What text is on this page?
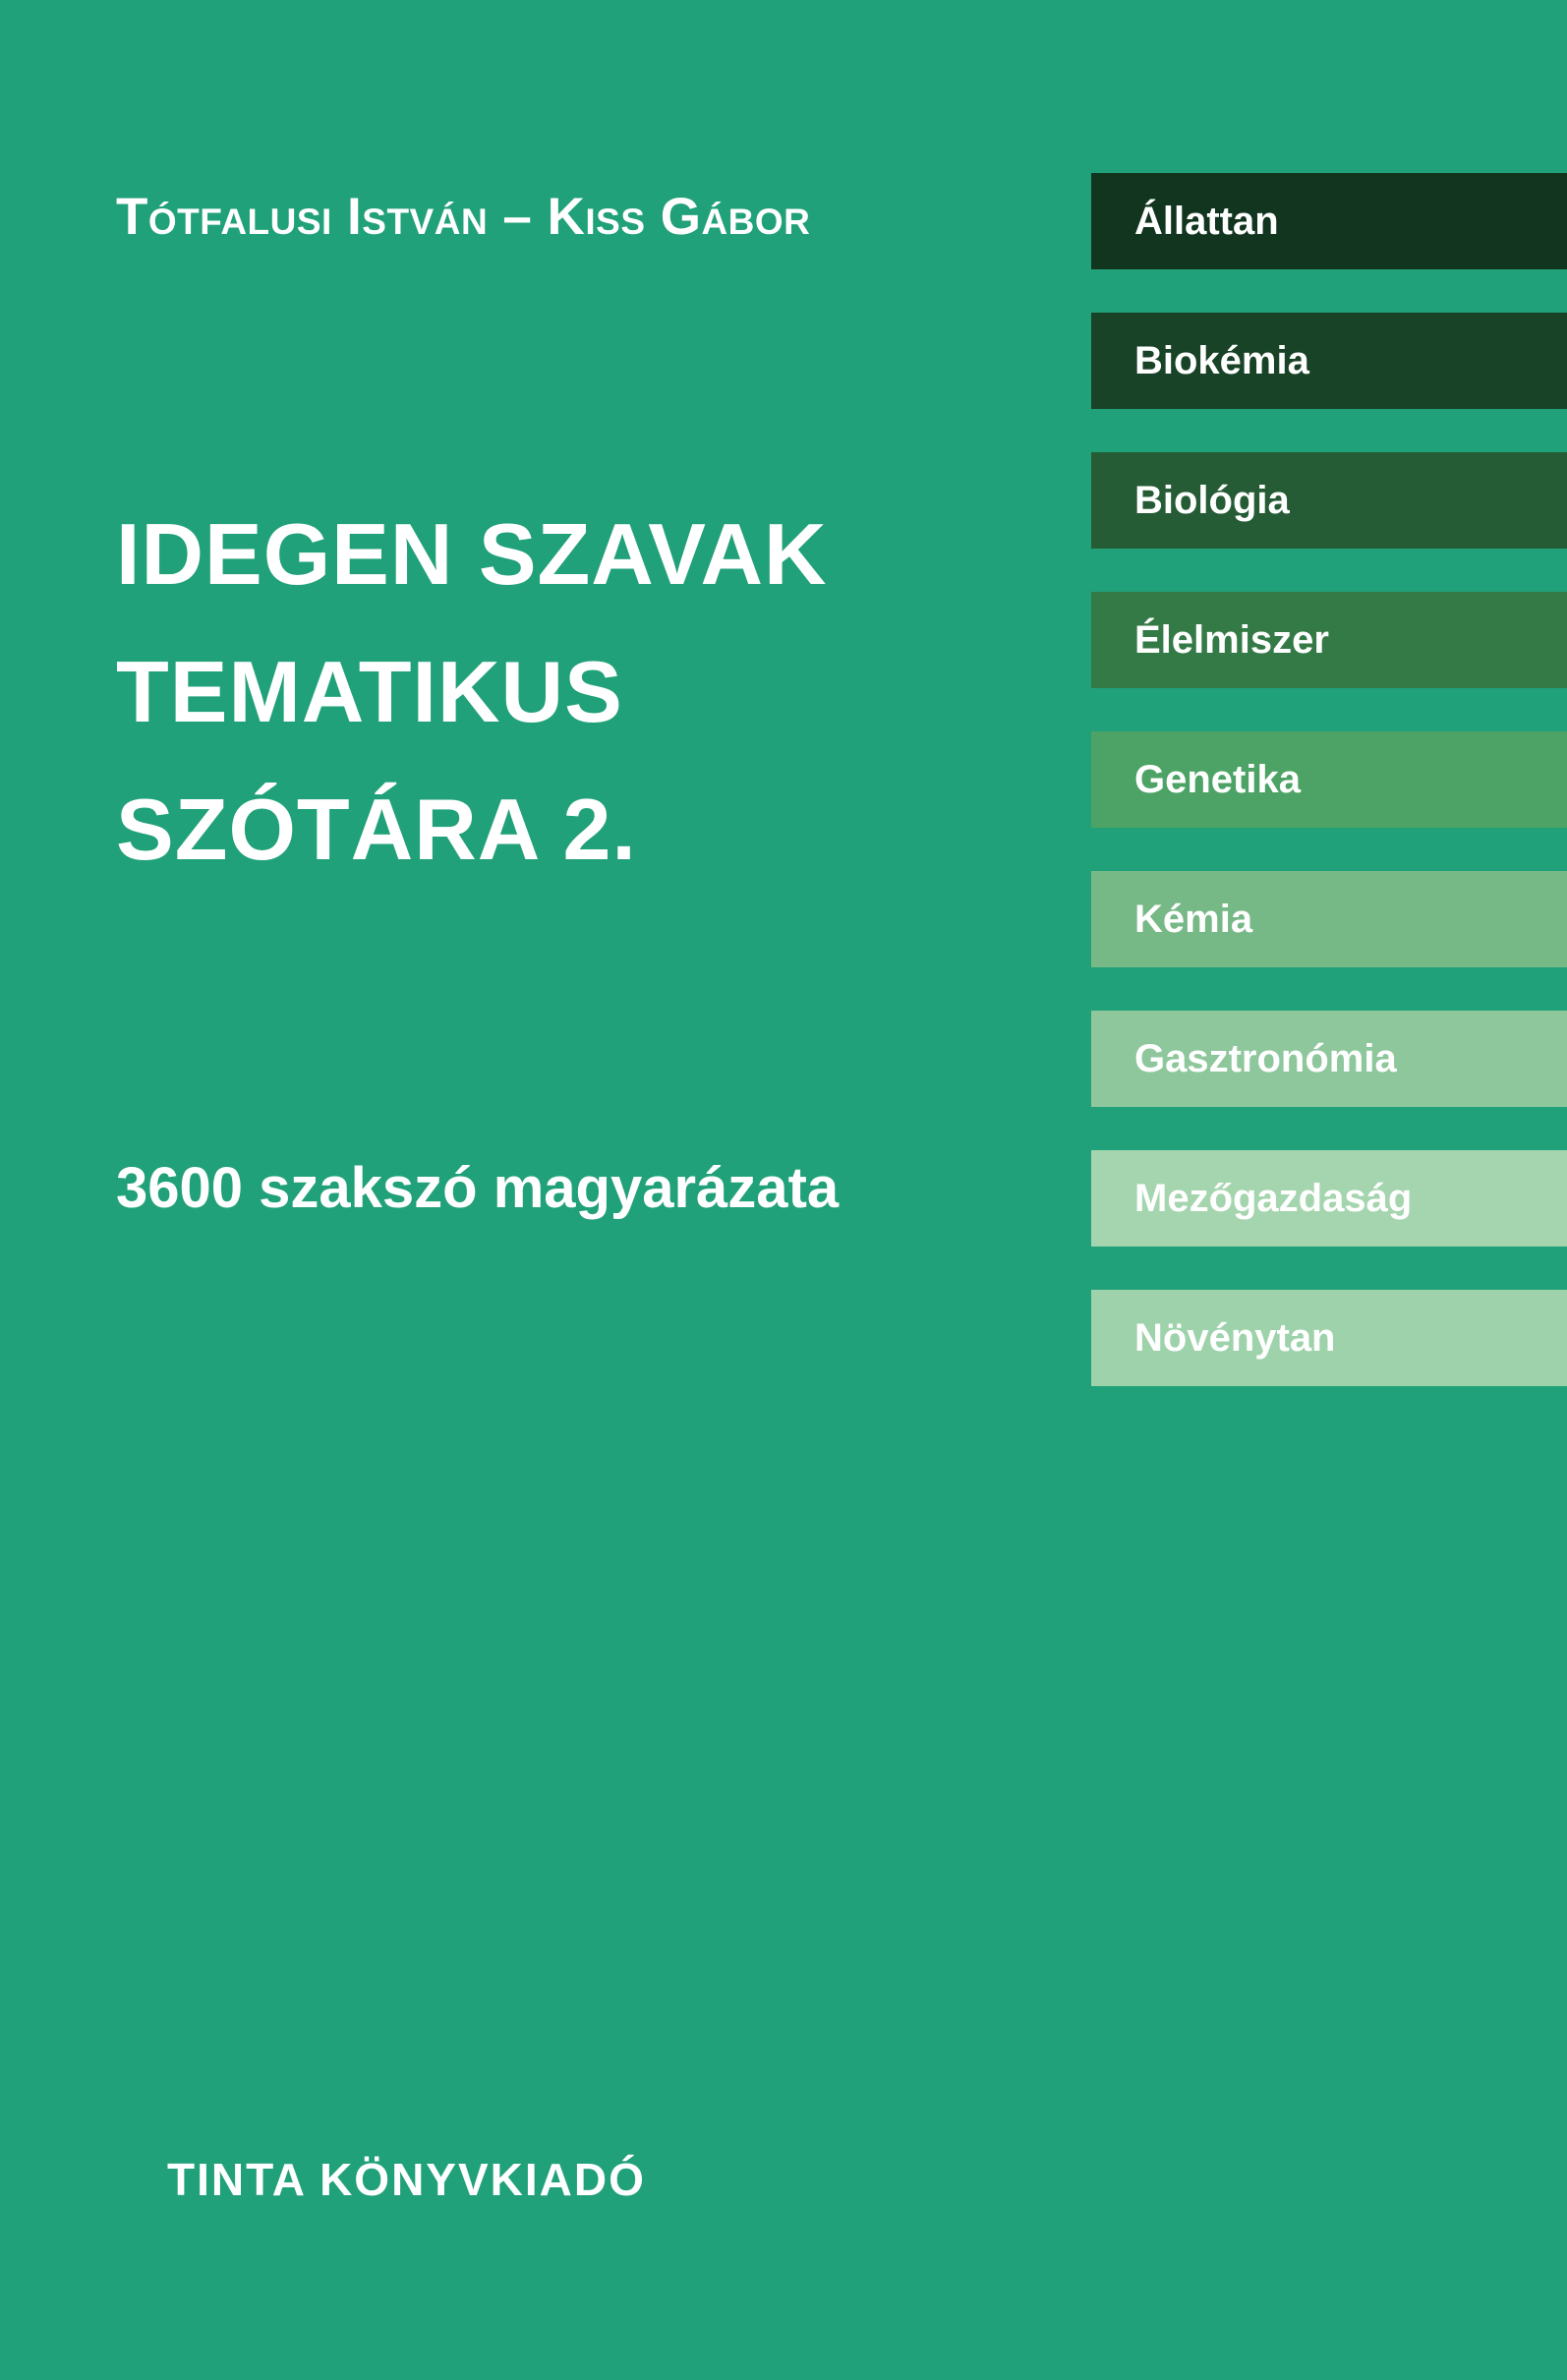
Tótfalusi István – Kiss Gábor
IDEGEN SZAVAK
TEMATIKUS
SZÓTÁRA 2.
3600 szakszó magyarázata
Állattan
Biokémia
Biológia
Élelmiszer
Genetika
Kémia
Gasztronómia
Mezőgazdaság
Növénytan
TINTA KÖNYVKIADÓ
